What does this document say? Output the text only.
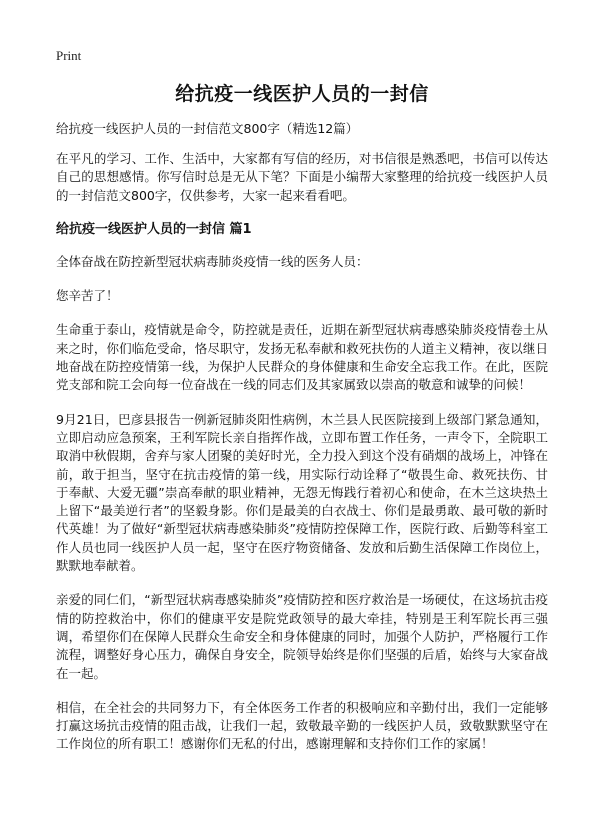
Print
给抗疫一线医护人员的一封信
给抗疫一线医护人员的一封信范文800字（精选12篇）

在平凡的学习、工作、生活中，大家都有写信的经历，对书信很是熟悉吧，书信可以传达自己的思想感情。你写信时总是无从下笔？下面是小编帮大家整理的给抗疫一线医护人员的一封信范文800字，仅供参考，大家一起来看看吧。

给抗疫一线医护人员的一封信 篇1

全体奋战在防控新型冠状病毒肺炎疫情一线的医务人员：

您辛苦了！

生命重于泰山，疫情就是命令，防控就是责任，近期在新型冠状病毒感染肺炎疫情卷土从来之时，你们临危受命，恪尽职守，发扬无私奉献和救死扶伤的人道主义精神，夜以继日地奋战在防控疫情第一线，为保护人民群众的身体健康和生命安全忘我工作。在此，医院党支部和院工会向每一位奋战在一线的同志们及其家属致以崇高的敬意和诚挚的问候！

9月21日，巴彦县报告一例新冠肺炎阳性病例，木兰县人民医院接到上级部门紧急通知，立即启动应急预案，王利军院长亲自指挥作战，立即布置工作任务，一声令下，全院职工取消中秋假期，舍弃与家人团聚的美好时光，全力投入到这个没有硝烟的战场上，冲锋在前，敢于担当，坚守在抗击疫情的第一线，用实际行动诠释了“敬畏生命、救死扶伤、甘于奉献、大爱无疆”崇高奉献的职业精神，无怨无悔践行着初心和使命，在木兰这块热土上留下“最美逆行者”的坚毅身影。你们是最美的白衣战士、你们是最勇敢、最可敬的新时代英雄！为了做好“新型冠状病毒感染肺炎”疫情防控保障工作，医院行政、后勤等科室工作人员也同一线医护人员一起，坚守在医疗物资储备、发放和后勤生活保障工作岗位上，默默地奉献着。

亲爱的同仁们，“新型冠状病毒感染肺炎”疫情防控和医疗救治是一场硬仗，在这场抗击疫情的防控救治中，你们的健康平安是院党政领导的最大牵挂，特别是王利军院长再三强调，希望你们在保障人民群众生命安全和身体健康的同时，加强个人防护，严格履行工作流程，调整好身心压力，确保自身安全，院领导始终是你们坚强的后盾，始终与大家奋战在一起。

相信，在全社会的共同努力下，有全体医务工作者的积极响应和辛勤付出，我们一定能够打赢这场抗击疫情的阻击战，让我们一起，致敬最辛勤的一线医护人员，致敬默默坚守在工作岗位的所有职工！感谢你们无私的付出，感谢理解和支持你们工作的家属！
